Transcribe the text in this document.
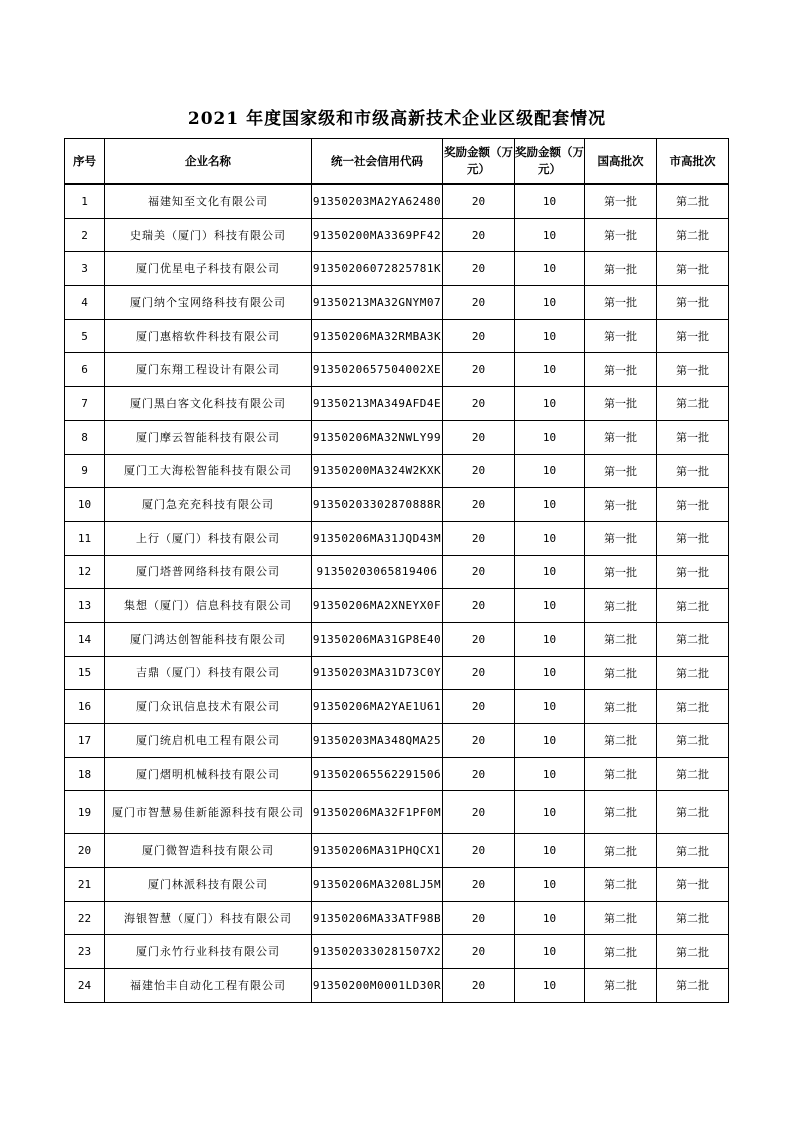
2021 年度国家级和市级高新技术企业区级配套情况
序号	企业名称	统一社会信用代码	奖励金额（万元）	奖励金额（万元）	国高批次	市高批次
1	福建知至文化有限公司	91350203MA2YA62480	20	10	第一批	第二批
2	史瑞美（厦门）科技有限公司	91350200MA3369PF42	20	10	第一批	第二批
3	厦门优星电子科技有限公司	91350206072825781K	20	10	第一批	第一批
4	厦门纳个宝网络科技有限公司	91350213MA32GNYM07	20	10	第一批	第一批
5	厦门惠榕软件科技有限公司	91350206MA32RMBA3K	20	10	第一批	第一批
6	厦门东翔工程设计有限公司	9135020657504002XE	20	10	第一批	第一批
7	厦门黑白客文化科技有限公司	91350213MA349AFD4E	20	10	第一批	第二批
8	厦门摩云智能科技有限公司	91350206MA32NWLY99	20	10	第一批	第一批
9	厦门工大海松智能科技有限公司	91350200MA324W2KXK	20	10	第一批	第一批
10	厦门急充充科技有限公司	91350203302870888R	20	10	第一批	第一批
11	上行（厦门）科技有限公司	91350206MA31JQD43M	20	10	第一批	第一批
12	厦门塔普网络科技有限公司	91350203065819406	20	10	第一批	第一批
13	集想（厦门）信息科技有限公司	91350206MA2XNEYX0F	20	10	第二批	第二批
14	厦门鸿达创智能科技有限公司	91350206MA31GP8E40	20	10	第二批	第二批
15	吉鼎（厦门）科技有限公司	91350203MA31D73C0Y	20	10	第二批	第二批
16	厦门众讯信息技术有限公司	91350206MA2YAE1U61	20	10	第二批	第二批
17	厦门统启机电工程有限公司	91350203MA348QMA25	20	10	第二批	第二批
18	厦门熠明机械科技有限公司	91350206556229150б	20	10	第二批	第二批
19	厦门市智慧易佳新能源科技有限公司	91350206MA32F1PF0M	20	10	第二批	第二批
20	厦门微智造科技有限公司	91350206MA31PHQCX1	20	10	第二批	第二批
21	厦门林派科技有限公司	91350206MA3208LJ5M	20	10	第二批	第一批
22	海银智慧（厦门）科技有限公司	91350206MA33ATF98B	20	10	第二批	第二批
23	厦门永竹行业科技有限公司	913502033028150​7X2	20	10	第二批	第二批
24	福建怡丰自动化工程有限公司	91350200M0001LD30R	20	10	第二批	第二批
